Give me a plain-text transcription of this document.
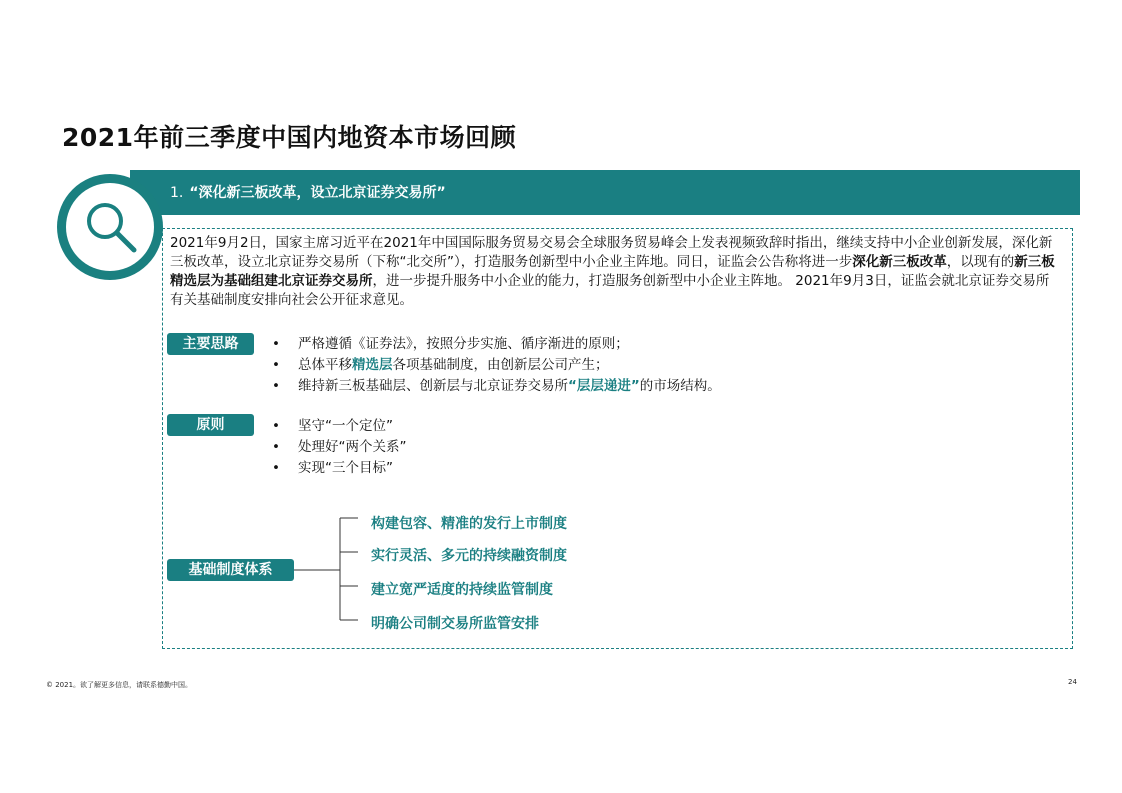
2021年前三季度中国内地资本市场回顾
1. “深化新三板改革，设立北京证券交易所”
2021年9月2日，国家主席习近平在2021年中国国际服务贸易交易会全球服务贸易峰会上发表视频致辞时指出，继续支持中小企业创新发展，深化新三板改革，设立北京证券交易所（下称“北交所”），打造服务创新型中小企业主阵地。同日，证监会公告称将进一步深化新三板改革，以现有的新三板精选层为基础组建北京证券交易所，进一步提升服务中小企业的能力，打造服务创新型中小企业主阵地。 2021年9月3日，证监会就北京证券交易所有关基础制度安排向社会公开征求意见。
主要思路	• 严格遵循《证券法》，按照分步实施、循序渐进的原则；
• 总体平移精选层各项基础制度，由创新层公司产生；
• 维持新三板基础层、创新层与北京证券交易所“层层递进”的市场结构。
原则	• 坚守“一个定位”
• 处理好“两个关系”
• 实现“三个目标”
基础制度体系
构建包容、精准的发行上市制度
实行灵活、多元的持续融资制度
建立宽严适度的持续监管制度
明确公司制交易所监管安排
© 2021。欲了解更多信息，请联系德勤中国。	24
